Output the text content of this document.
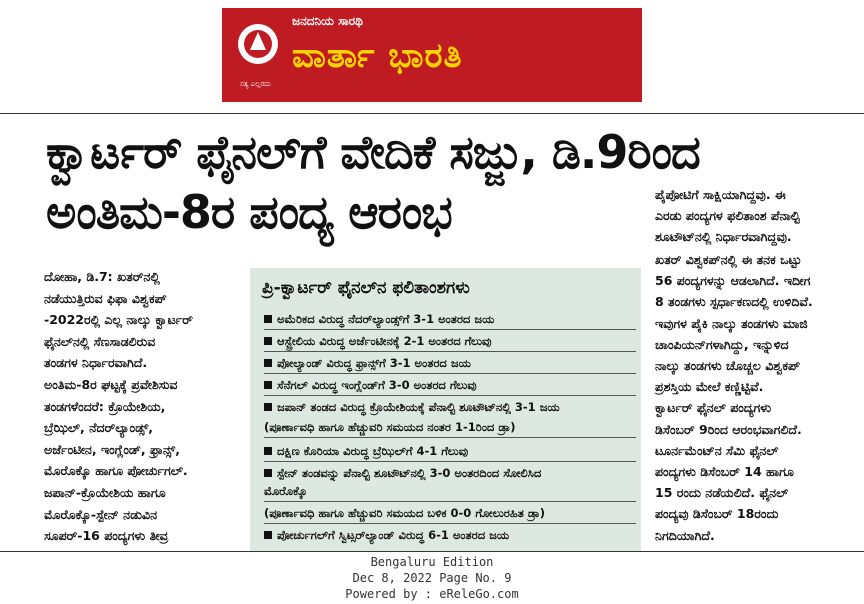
ಜನದನಿಯ ಸಾರಥಿ
ವಾರ್ತಾ ಭಾರತಿ
ಸತ್ಯ ಎಲ್ಲರದು
ಕ್ವಾರ್ಟರ್ ಫೈನಲ್‌ಗೆ ವೇದಿಕೆ ಸಜ್ಜು, ಡಿ.9ರಿಂದ
ಅಂತಿಮ-8ರ ಪಂದ್ಯ ಆರಂಭ

ದೋಹಾ, ಡಿ.7: ಖತರ್‌ನಲ್ಲಿ

ನಡೆಯುತ್ತಿರುವ ಫಿಫಾ ವಿಶ್ವಕಪ್

-2022ರಲ್ಲಿ ಎಲ್ಲ ನಾಲ್ಕು ಕ್ವಾರ್ಟರ್

ಫೈನಲ್‌ನಲ್ಲಿ ಸೆಣಸಾಡಲಿರುವ

ತಂಡಗಳ ನಿರ್ಧಾರವಾಗಿದೆ.

ಅಂತಿಮ-8ರ ಘಟ್ಟಕ್ಕೆ ಪ್ರವೇಶಿಸುವ

ತಂಡಗಳೆಂದರೆ: ಕ್ರೊಯೇಶಿಯ,

ಬ್ರೆಝಿಲ್, ನೆದರ್‌ಲ್ಯಾಂಡ್ಸ್,

ಅರ್ಜೆಂಟೀನ, ಇಂಗ್ಲೆಂಡ್, ಫ್ರಾನ್ಸ್,

ಮೊರೊಕ್ಕೊ ಹಾಗೂ ಪೋರ್ಚುಗಲ್.

ಜಪಾನ್-ಕ್ರೊಯೇಶಿಯ ಹಾಗೂ

ಮೊರೊಕ್ಕೊ-ಸ್ಪೇನ್ ನಡುವಿನ

ಸೂಪರ್-16 ಪಂದ್ಯಗಳು ತೀವ್ರ

ಪ್ರಿ-ಕ್ವಾರ್ಟರ್ ಫೈನಲ್‌ನ ಫಲಿತಾಂಶಗಳು
ಅಮೆರಿಕದ ವಿರುದ್ಧ ನೆದರ್‌ಲ್ಯಾಂಡ್ಸ್‌ಗೆ 3-1 ಅಂತರದ ಜಯ
ಆಸ್ಟ್ರೇಲಿಯ ವಿರುದ್ಧ ಅರ್ಜೆಂಟೀನಕ್ಕೆ 2-1 ಅಂತರದ ಗೆಲುವು
ಪೋಲ್ಯಾಂಡ್ ವಿರುದ್ಧ ಫ್ರಾನ್ಸ್‌ಗೆ 3-1 ಅಂತರದ ಜಯ
ಸೆನೆಗಲ್ ವಿರುದ್ಧ ಇಂಗ್ಲೆಂಡ್‌ಗೆ 3-0 ಅಂತರದ ಗೆಲುವು
ಜಪಾನ್ ತಂಡದ ವಿರುದ್ಧ ಕ್ರೊಯೇಶಿಯಕ್ಕೆ ಪೆನಾಲ್ಟಿ ಶೂಟೌಟ್‌ನಲ್ಲಿ 3-1 ಜಯ
(ಪೂರ್ಣಾವಧಿ ಹಾಗೂ ಹೆಚ್ಚುವರಿ ಸಮಯದ ನಂತರ 1-1ರಿಂದ ಡ್ರಾ)
ದಕ್ಷಿಣ ಕೊರಿಯಾ ವಿರುದ್ಧ ಬ್ರೆಝಿಲ್‌ಗೆ 4-1 ಗೆಲುವು
ಸ್ಪೇನ್ ತಂಡವನ್ನು ಪೆನಾಲ್ಟಿ ಶೂಟೌಟ್‌ನಲ್ಲಿ 3-0 ಅಂತರದಿಂದ ಸೋಲಿಸಿದ
ಮೊರೊಕ್ಕೊ
(ಪೂರ್ಣಾವಧಿ ಹಾಗೂ ಹೆಚ್ಚುವರಿ ಸಮಯದ ಬಳಿಕ 0-0 ಗೋಲುರಹಿತ ಡ್ರಾ)
ಪೋರ್ಚುಗಲ್‌ಗೆ ಸ್ವಿಟ್ಸರ್‌ಲ್ಯಾಂಡ್ ವಿರುದ್ಧ 6-1 ಅಂತರದ ಜಯ

ಪೈಪೋಟಿಗೆ ಸಾಕ್ಷಿಯಾಗಿದ್ದವು. ಈ

ಎರಡು ಪಂದ್ಯಗಳ ಫಲಿತಾಂಶ ಪೆನಾಲ್ಟಿ

ಶೂಟೌಟ್‌ನಲ್ಲಿ ನಿರ್ಧಾರವಾಗಿದ್ದವು.

ಖತರ್ ವಿಶ್ವಕಪ್‌ನಲ್ಲಿ ಈ ತನಕ ಒಟ್ಟು

56 ಪಂದ್ಯಗಳನ್ನು ಆಡಲಾಗಿದೆ. ಇದೀಗ

8 ತಂಡಗಳು ಸ್ಪರ್ಧಾಕಣದಲ್ಲಿ ಉಳಿದಿವೆ.

ಇವುಗಳ ಪೈಕಿ ನಾಲ್ಕು ತಂಡಗಳು ಮಾಜಿ

ಚಾಂಪಿಯನ್‌ಗಳಾಗಿದ್ದು, ಇನ್ನುಳಿದ

ನಾಲ್ಕು ತಂಡಗಳು ಚೊಚ್ಚಲ ವಿಶ್ವಕಪ್

ಪ್ರಶಸ್ತಿಯ ಮೇಲೆ ಕಣ್ಣಿಟ್ಟಿವೆ.

ಕ್ವಾರ್ಟರ್ ಫೈನಲ್ ಪಂದ್ಯಗಳು

ಡಿಸೆಂಬರ್ 9ರಿಂದ ಆರಂಭವಾಗಲಿದೆ.

ಟೂರ್ನಮೆಂಟ್‌ನ ಸೆಮಿ ಫೈನಲ್

ಪಂದ್ಯಗಳು ಡಿಸೆಂಬರ್ 14 ಹಾಗೂ

15 ರಂದು ನಡೆಯಲಿದೆ. ಫೈನಲ್

ಪಂದ್ಯವು ಡಿಸೆಂಬರ್ 18ರಂದು

ನಿಗದಿಯಾಗಿದೆ.

Bengaluru Edition
Dec 8, 2022 Page No. 9
Powered by : eReleGo.com
